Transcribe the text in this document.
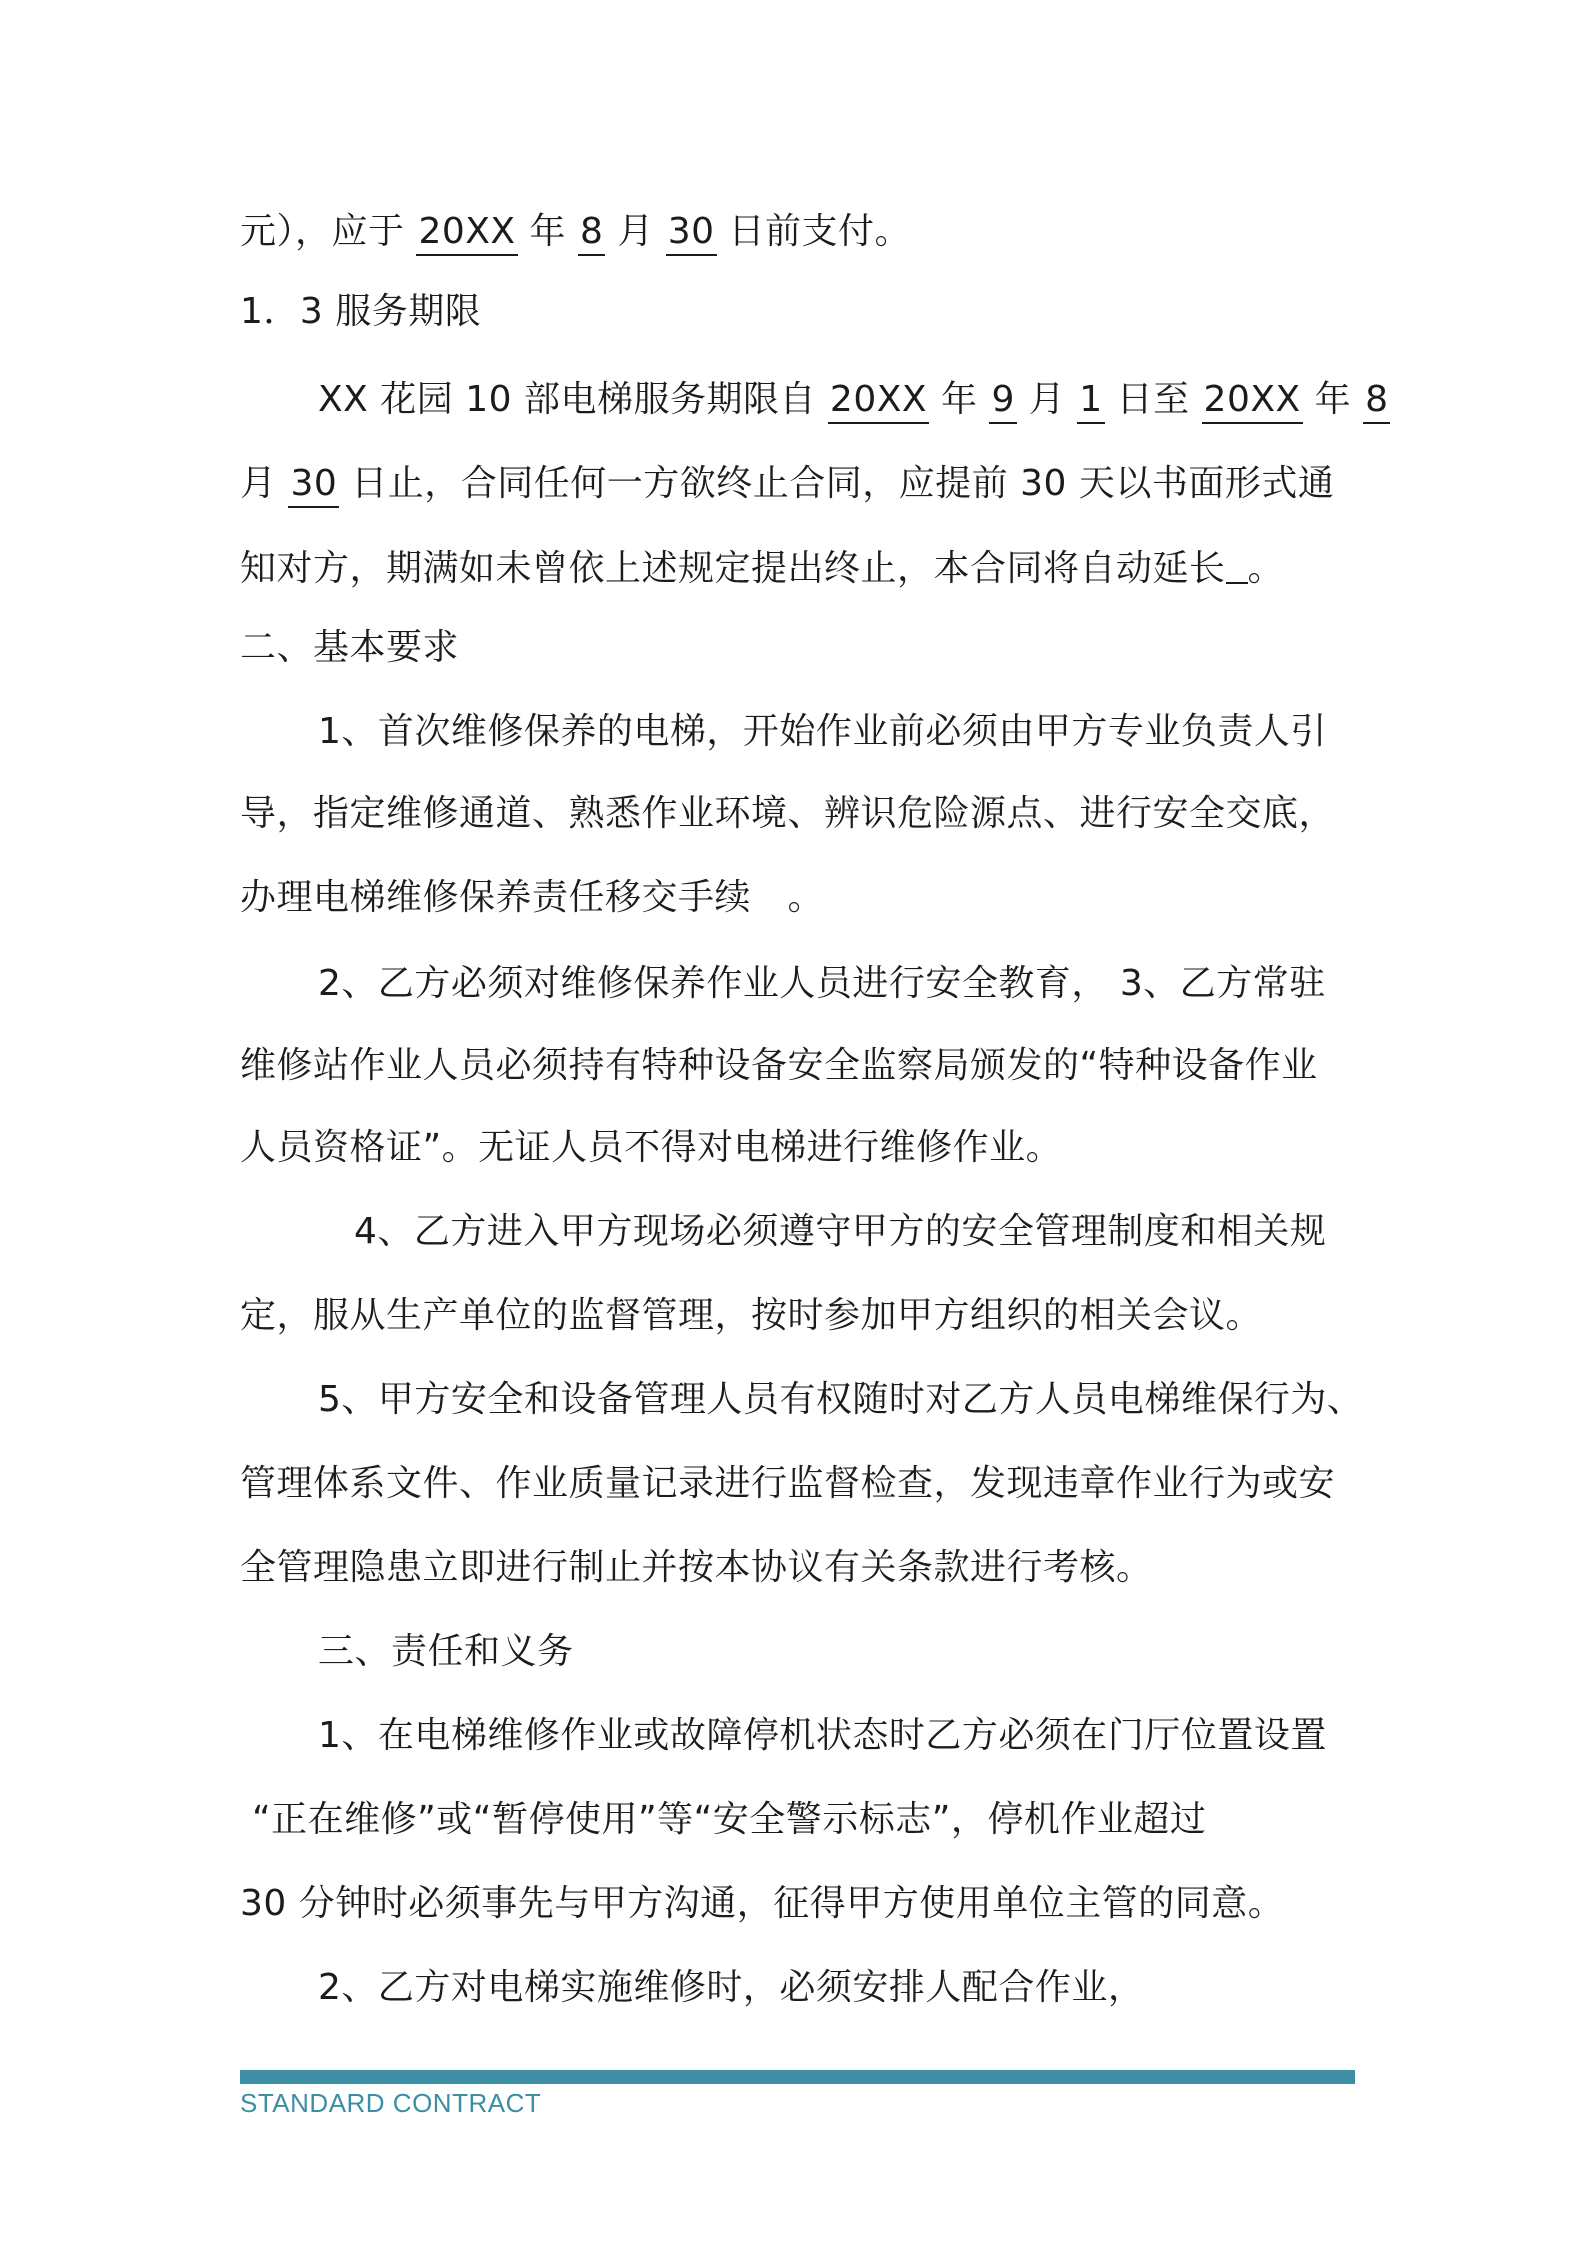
元），应于 20XX 年 8 月 30 日前支付。
1．3 服务期限
XX 花园 10 部电梯服务期限自 20XX 年 9 月 1 日至 20XX 年 8
月 30 日止，合同任何一方欲终止合同，应提前 30 天以书面形式通
知对方，期满如未曾依上述规定提出终止，本合同将自动延长 。
二、基本要求
1、首次维修保养的电梯，开始作业前必须由甲方专业负责人引
导，指定维修通道、熟悉作业环境、辨识危险源点、进行安全交底，
办理电梯维修保养责任移交手续　。
2、乙方必须对维修保养作业人员进行安全教育， 3、乙方常驻
维修站作业人员必须持有特种设备安全监察局颁发的“特种设备作业
人员资格证”。无证人员不得对电梯进行维修作业。
4、乙方进入甲方现场必须遵守甲方的安全管理制度和相关规
定，服从生产单位的监督管理，按时参加甲方组织的相关会议。
5、甲方安全和设备管理人员有权随时对乙方人员电梯维保行为、
管理体系文件、作业质量记录进行监督检查，发现违章作业行为或安
全管理隐患立即进行制止并按本协议有关条款进行考核。
三、责任和义务
1、在电梯维修作业或故障停机状态时乙方必须在门厅位置设置
“正在维修”或“暂停使用”等“安全警示标志”，停机作业超过
30 分钟时必须事先与甲方沟通，征得甲方使用单位主管的同意。
2、乙方对电梯实施维修时，必须安排人配合作业，
STANDARD CONTRACT
